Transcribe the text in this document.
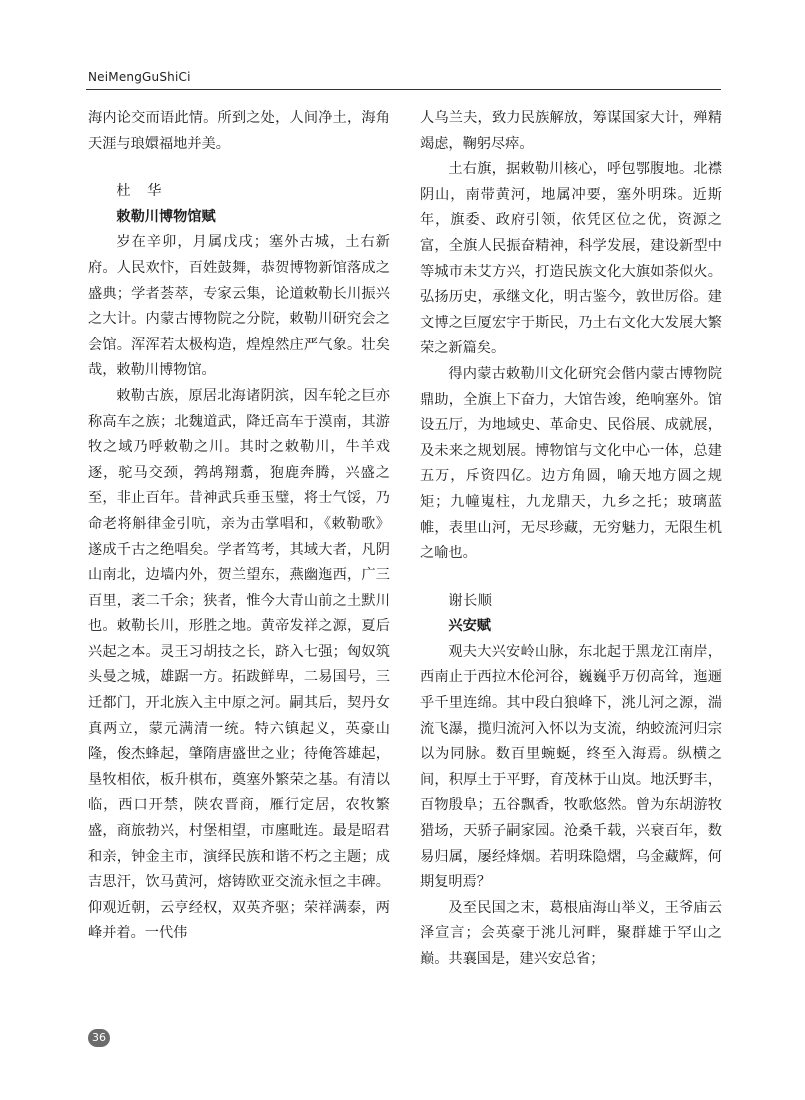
NeiMengGuShiCi

海内论交而语此情。所到之处，人间净土，海角天涯与琅嬛福地并美。

杜 华

敕勒川博物馆赋

岁在辛卯，月属戊戌；塞外古城，土右新府。人民欢忭，百姓鼓舞，恭贺博物新馆落成之盛典；学者荟萃，专家云集，论道敕勒长川振兴之大计。内蒙古博物院之分院，敕勒川研究会之会馆。浑浑若太极构造，煌煌然庄严气象。壮矣哉，敕勒川博物馆。

敕勒古族，原居北海诸阴滨，因车轮之巨亦称高车之族；北魏道武，降迁高车于漠南，其游牧之域乃呼敕勒之川。其时之敕勒川，牛羊戏逐，驼马交颈，鹁鸪翔翥，狍鹿奔腾，兴盛之至，非止百年。昔神武兵垂玉璧，将士气馁，乃命老将斛律金引吭，亲为击掌唱和，《敕勒歌》遂成千古之绝唱矣。学者笃考，其域大者，凡阴山南北，边墙内外，贺兰望东，燕幽迤西，广三百里，袤二千余；狭者，惟今大青山前之土默川也。敕勒长川，形胜之地。黄帝发祥之源，夏后兴起之本。灵王习胡技之长，跻入七强；匈奴筑头曼之城，雄踞一方。拓跋鲜卑，二易国号，三迁都门，开北族入主中原之河。嗣其后，契丹女真两立，蒙元满清一统。特六镇起义，英豪山隆，俊杰蜂起，肇隋唐盛世之业；待俺答雄起，垦牧相依，板升棋布，奠塞外繁荣之基。有清以临，西口开禁，陕农晋商，雁行定居，农牧繁盛，商旅勃兴，村堡相望，市廛毗连。最是昭君和亲，钟金主市，演绎民族和谐不朽之主题；成吉思汗，饮马黄河，熔铸欧亚交流永恒之丰碑。仰观近朝，云亨经权，双英齐驱；荣祥满泰，两峰并着。一代伟

人乌兰夫，致力民族解放，筹谋国家大计，殚精竭虑，鞠躬尽瘁。

土右旗，据敕勒川核心，呼包鄂腹地。北襟阴山，南带黄河，地属冲要，塞外明珠。近斯年，旗委、政府引领，依凭区位之优，资源之富，全旗人民振奋精神，科学发展，建设新型中等城市未艾方兴，打造民族文化大旗如荼似火。弘扬历史，承继文化，明古鉴今，敦世厉俗。建文博之巨厦宏宇于斯民，乃土右文化大发展大繁荣之新篇矣。

得内蒙古敕勒川文化研究会偕内蒙古博物院鼎助，全旗上下奋力，大馆告竣，绝响塞外。馆设五厅，为地域史、革命史、民俗展、成就展，及未来之规划展。博物馆与文化中心一体，总建五万，斥资四亿。边方角圆，喻天地方圆之规矩；九幢嵬柱，九龙鼎天，九乡之托；玻璃蓝帷，表里山河，无尽珍藏，无穷魅力，无限生机之喻也。

谢长顺

兴安赋

观夫大兴安岭山脉，东北起于黑龙江南岸，西南止于西拉木伦河谷，巍巍乎万仞高耸，迤逦乎千里连绵。其中段白狼峰下，洮儿河之源，湍流飞瀑，揽归流河入怀以为支流，纳蛟流河归宗以为同脉。数百里蜿蜒，终至入海焉。纵横之间，积厚土于平野，育茂林于山岚。地沃野丰，百物殷阜；五谷飘香，牧歌悠然。曾为东胡游牧猎场，天骄子嗣家园。沧桑千载，兴衰百年，数易归属，屡经烽烟。若明珠隐熠，乌金藏辉，何期复明焉？

及至民国之末，葛根庙海山举义，王爷庙云泽宣言；会英豪于洮儿河畔，聚群雄于罕山之巅。共襄国是，建兴安总省；

36
